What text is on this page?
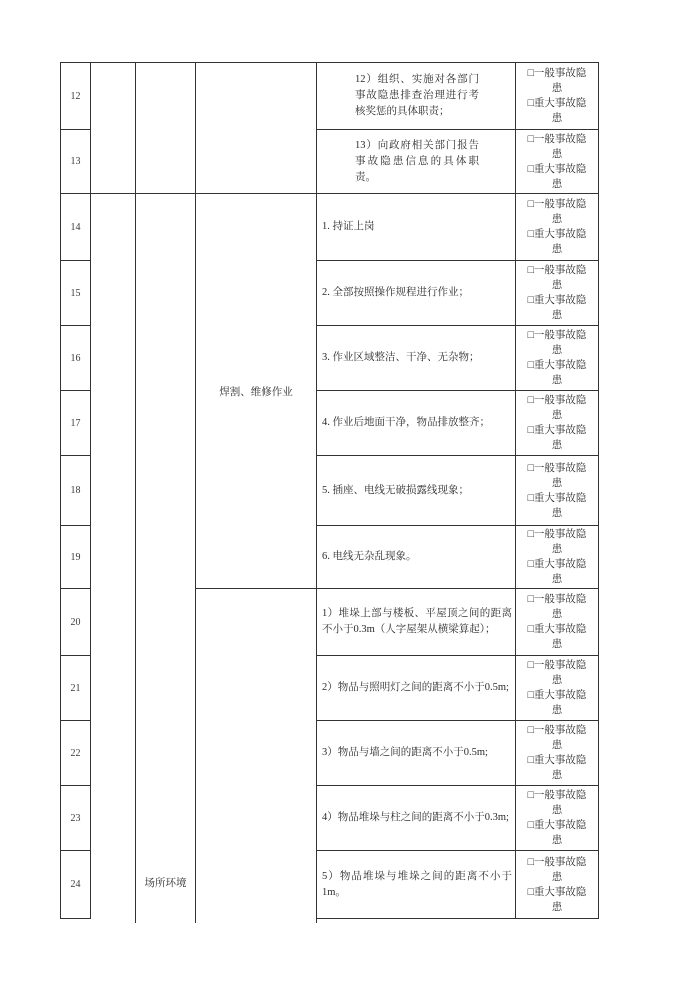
12
13
14
15
16
17
18
19
20
21
22
23
24	场所环境
焊割、维修作业
12）组织、实施对各部门事故隐患排查治理进行考核奖惩的具体职责；
13）向政府相关部门报告事故隐患信息的具体职责。
1. 持证上岗
2. 全部按照操作规程进行作业；
3. 作业区域整洁、干净、无杂物；
4. 作业后地面干净，物品排放整齐；
5. 插座、电线无破损露线现象；
6. 电线无杂乱现象。
1）堆垛上部与楼板、平屋顶之间的距离不小于0.3m（人字屋架从横梁算起）；
2）物品与照明灯之间的距离不小于0.5m;
3）物品与墙之间的距离不小于0.5m;
4）物品堆垛与柱之间的距离不小于0.3m;
5）物品堆垛与堆垛之间的距离不小于1m。
□一般事故隐患
□重大事故隐患
□一般事故隐患
□重大事故隐患
□一般事故隐患
□重大事故隐患
□一般事故隐患
□重大事故隐患
□一般事故隐患
□重大事故隐患
□一般事故隐患
□重大事故隐患
□一般事故隐患
□重大事故隐患
□一般事故隐患
□重大事故隐患
□一般事故隐患
□重大事故隐患
□一般事故隐患
□重大事故隐患
□一般事故隐患
□重大事故隐患
□一般事故隐患
□重大事故隐患
□一般事故隐患
□重大事故隐患
